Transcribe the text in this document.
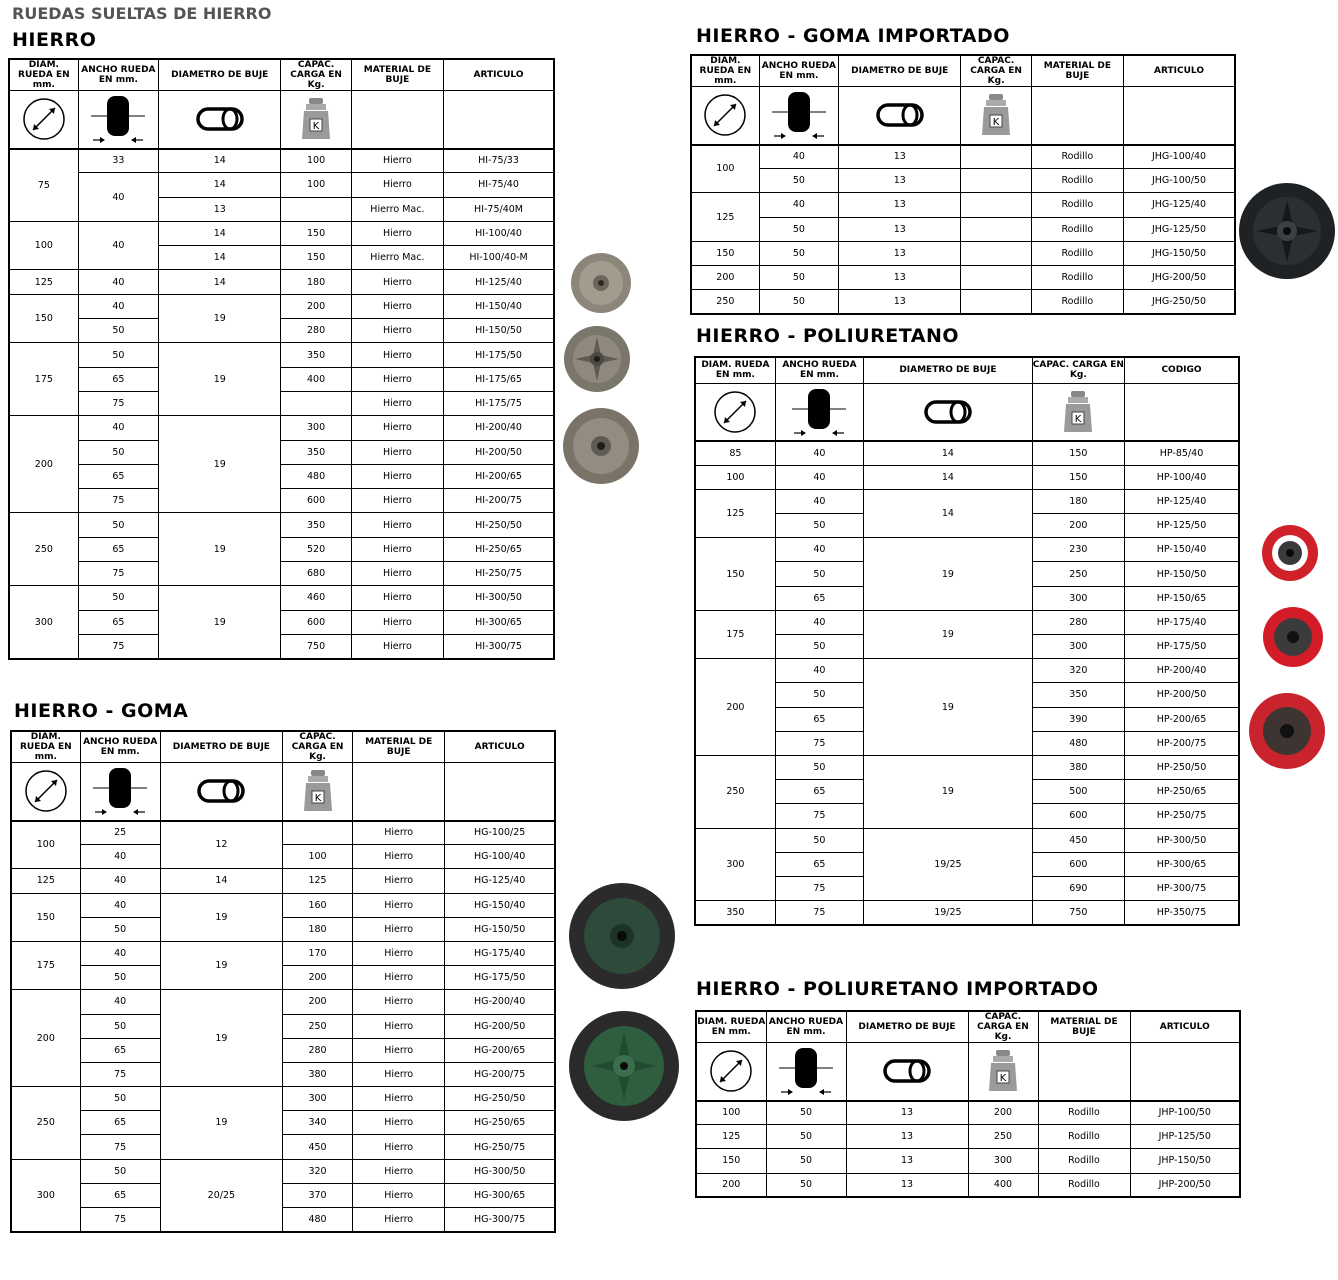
RUEDAS SUELTAS DE HIERRO
HIERRO
HIERRO - GOMA
HIERRO - GOMA IMPORTADO
HIERRO - POLIURETANO
HIERRO - POLIURETANO IMPORTADO
DIAM. RUEDA EN mm.	ANCHO RUEDA EN mm.	DIAMETRO DE BUJE	CAPAC. CARGA EN Kg.	MATERIAL DE BUJE	ARTICULO

K		

75	33	14	100	Hierro	HI-75/33
	40	14	100	Hierro	HI-75/40
		13		Hierro Mac.	HI-75/40M
100	40	14	150	Hierro	HI-100/40
		14	150	Hierro Mac.	HI-100/40-M
125	40	14	180	Hierro	HI-125/40
150	40	19	200	Hierro	HI-150/40
	50		280	Hierro	HI-150/50
175	50	19	350	Hierro	HI-175/50
	65		400	Hierro	HI-175/65
	75			Hierro	HI-175/75
200	40	19	300	Hierro	HI-200/40
	50		350	Hierro	HI-200/50
	65		480	Hierro	HI-200/65
	75		600	Hierro	HI-200/75
250	50	19	350	Hierro	HI-250/50
	65		520	Hierro	HI-250/65
	75		680	Hierro	HI-250/75
300	50	19	460	Hierro	HI-300/50
	65		600	Hierro	HI-300/65
	75		750	Hierro	HI-300/75
DIAM. RUEDA EN mm.	ANCHO RUEDA EN mm.	DIAMETRO DE BUJE	CAPAC. CARGA EN Kg.	MATERIAL DE BUJE	ARTICULO

K		

100	25	12		Hierro	HG-100/25
	40		100	Hierro	HG-100/40
125	40	14	125	Hierro	HG-125/40
150	40	19	160	Hierro	HG-150/40
	50		180	Hierro	HG-150/50
175	40	19	170	Hierro	HG-175/40
	50		200	Hierro	HG-175/50
200	40	19	200	Hierro	HG-200/40
	50		250	Hierro	HG-200/50
	65		280	Hierro	HG-200/65
	75		380	Hierro	HG-200/75
250	50	19	300	Hierro	HG-250/50
	65		340	Hierro	HG-250/65
	75		450	Hierro	HG-250/75
300	50	20/25	320	Hierro	HG-300/50
	65		370	Hierro	HG-300/65
	75		480	Hierro	HG-300/75
DIAM. RUEDA EN mm.	ANCHO RUEDA EN mm.	DIAMETRO DE BUJE	CAPAC. CARGA EN Kg.	MATERIAL DE BUJE	ARTICULO

K		

100	40	13		Rodillo	JHG-100/40
	50	13		Rodillo	JHG-100/50
125	40	13		Rodillo	JHG-125/40
	50	13		Rodillo	JHG-125/50
150	50	13		Rodillo	JHG-150/50
200	50	13		Rodillo	JHG-200/50
250	50	13		Rodillo	JHG-250/50
DIAM. RUEDA EN mm.	ANCHO RUEDA EN mm.	DIAMETRO DE BUJE	CAPAC. CARGA EN Kg.	CODIGO

K	

85	40	14	150	HP-85/40
100	40	14	150	HP-100/40
125	40	14	180	HP-125/40
	50		200	HP-125/50
150	40	19	230	HP-150/40
	50		250	HP-150/50
	65		300	HP-150/65
175	40	19	280	HP-175/40
	50		300	HP-175/50
200	40	19	320	HP-200/40
	50		350	HP-200/50
	65		390	HP-200/65
	75		480	HP-200/75
250	50	19	380	HP-250/50
	65		500	HP-250/65
	75		600	HP-250/75
300	50	19/25	450	HP-300/50
	65		600	HP-300/65
	75		690	HP-300/75
350	75	19/25	750	HP-350/75
DIAM. RUEDA EN mm.	ANCHO RUEDA EN mm.	DIAMETRO DE BUJE	CAPAC. CARGA EN Kg.	MATERIAL DE BUJE	ARTICULO

K		

100	50	13	200	Rodillo	JHP-100/50
125	50	13	250	Rodillo	JHP-125/50
150	50	13	300	Rodillo	JHP-150/50
200	50	13	400	Rodillo	JHP-200/50
